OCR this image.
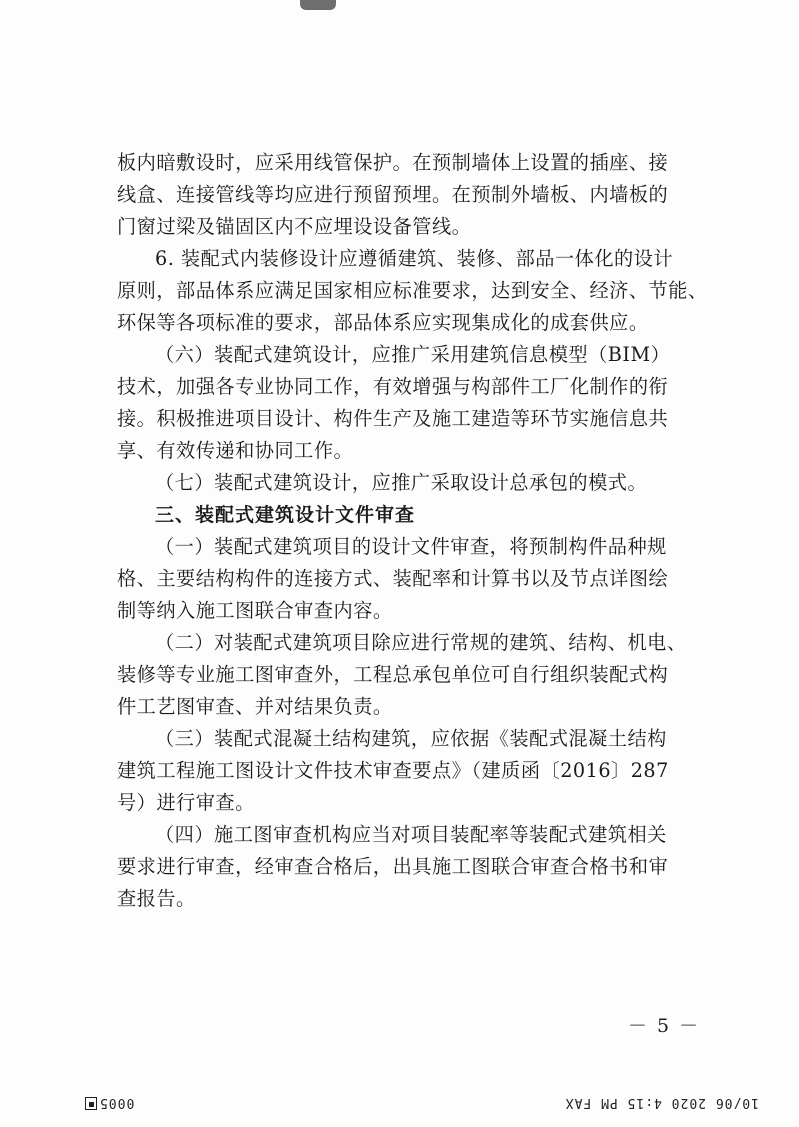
板内暗敷设时，应采用线管保护。在预制墙体上设置的插座、接
线盒、连接管线等均应进行预留预埋。在预制外墙板、内墙板的
门窗过梁及锚固区内不应埋设设备管线。
6. 装配式内装修设计应遵循建筑、装修、部品一体化的设计
原则，部品体系应满足国家相应标准要求，达到安全、经济、节能、
环保等各项标准的要求，部品体系应实现集成化的成套供应。
（六）装配式建筑设计，应推广采用建筑信息模型（BIM）
技术，加强各专业协同工作，有效增强与构部件工厂化制作的衔
接。积极推进项目设计、构件生产及施工建造等环节实施信息共
享、有效传递和协同工作。
（七）装配式建筑设计，应推广采取设计总承包的模式。
三、装配式建筑设计文件审查
（一）装配式建筑项目的设计文件审查，将预制构件品种规
格、主要结构构件的连接方式、装配率和计算书以及节点详图绘
制等纳入施工图联合审查内容。
（二）对装配式建筑项目除应进行常规的建筑、结构、机电、
装修等专业施工图审查外，工程总承包单位可自行组织装配式构
件工艺图审查、并对结果负责。
（三）装配式混凝土结构建筑，应依据《装配式混凝土结构
建筑工程施工图设计文件技术审查要点》（建质函〔2016〕287
号）进行审查。
（四）施工图审查机构应当对项目装配率等装配式建筑相关
要求进行审查，经审查合格后，出具施工图联合审查合格书和审
查报告。
－ 5 －
10/06 2020 4:15 PM FAX
0005
